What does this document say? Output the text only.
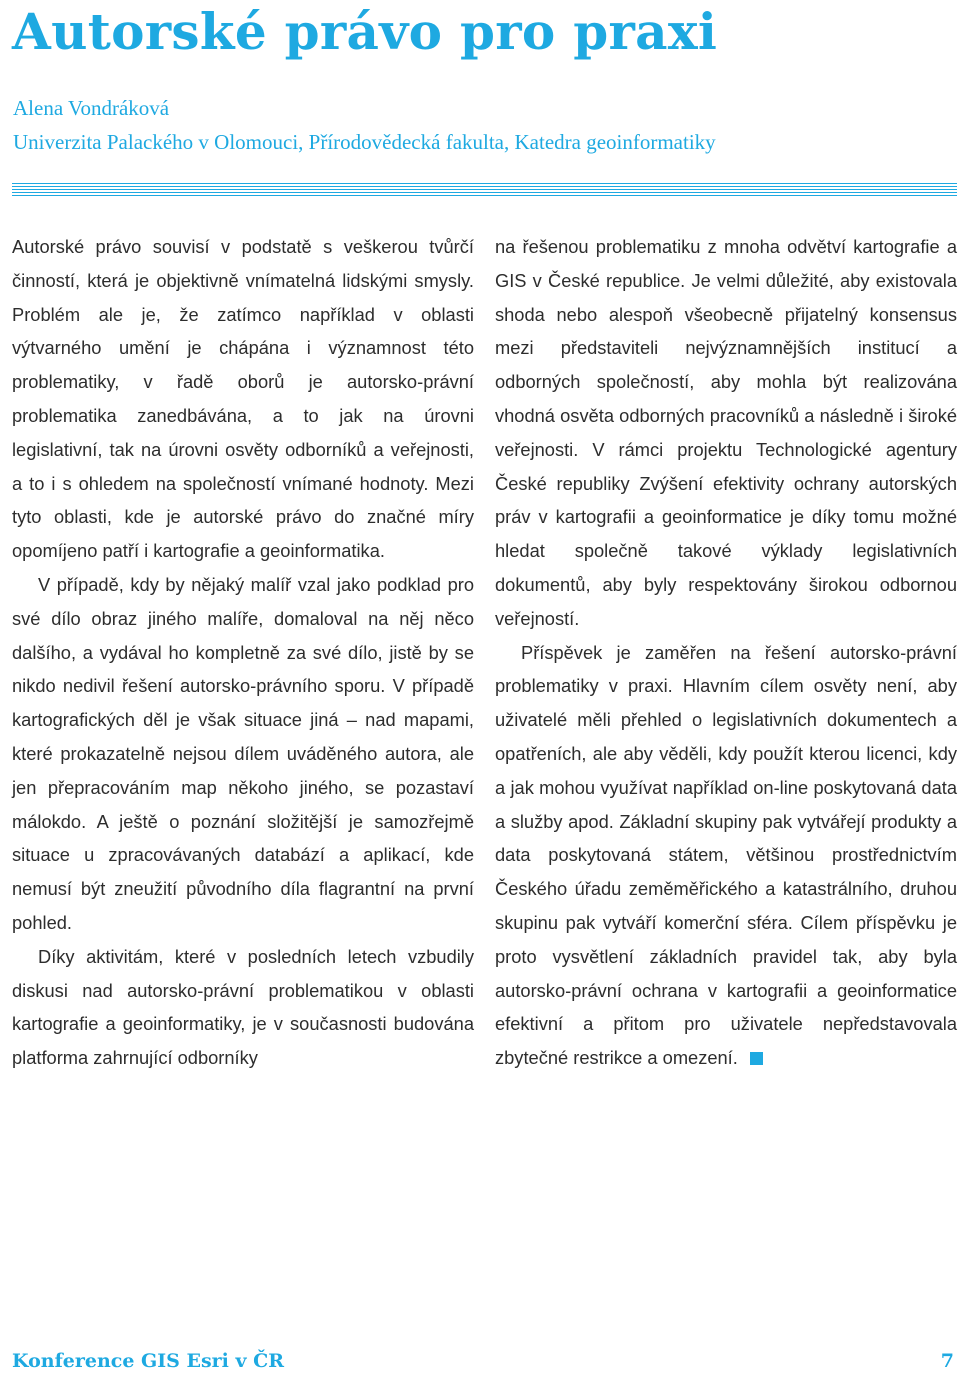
Autorské právo pro praxi
Alena Vondráková
Univerzita Palackého v Olomouci, Přírodovědecká fakulta, Katedra geoinformatiky

Autorské právo souvisí v podstatě s veškerou tvůrčí činností, která je objektivně vnímatelná lidskými smysly. Problém ale je, že zatímco například v oblasti výtvarného umění je chápána i významnost této problematiky, v řadě oborů je autorsko-právní problematika zanedbávána, a to jak na úrovni legislativní, tak na úrovni osvěty odborníků a veřejnosti, a to i s ohledem na společností vnímané hodnoty. Mezi tyto oblasti, kde je autorské právo do značné míry opomíjeno patří i kartografie a geoinformatika.

V případě, kdy by nějaký malíř vzal jako podklad pro své dílo obraz jiného malíře, domaloval na něj něco dalšího, a vydával ho kompletně za své dílo, jistě by se nikdo nedivil řešení autorsko-právního sporu. V případě kartografických děl je však situace jiná – nad mapami, které prokazatelně nejsou dílem uváděného autora, ale jen přepracováním map někoho jiného, se pozastaví málokdo. A ještě o poznání složitější je samozřejmě situace u zpracovávaných databází a aplikací, kde nemusí být zneužití původního díla flagrantní na první pohled.

Díky aktivitám, které v posledních letech vzbudily diskusi nad autorsko-právní problematikou v oblasti kartografie a geoinformatiky, je v současnosti budována platforma zahrnující odborníky

na řešenou problematiku z mnoha odvětví kartografie a GIS v České republice. Je velmi důležité, aby existovala shoda nebo alespoň všeobecně přijatelný konsensus mezi představiteli nejvýznamnějších institucí a odborných společností, aby mohla být realizována vhodná osvěta odborných pracovníků a následně i široké veřejnosti. V rámci projektu Technologické agentury České republiky Zvýšení efektivity ochrany autorských práv v kartografii a geoinformatice je díky tomu možné hledat společně takové výklady legislativních dokumentů, aby byly respektovány širokou odbornou veřejností.

Příspěvek je zaměřen na řešení autorsko-právní problematiky v praxi. Hlavním cílem osvěty není, aby uživatelé měli přehled o legislativních dokumentech a opatřeních, ale aby věděli, kdy použít kterou licenci, kdy a jak mohou využívat například on-line poskytovaná data a služby apod. Základní skupiny pak vytvářejí produkty a data poskytovaná státem, většinou prostřednictvím Českého úřadu zeměměřického a katastrálního, druhou skupinu pak vytváří komerční sféra. Cílem příspěvku je proto vysvětlení základních pravidel tak, aby byla autorsko-právní ochrana v kartografii a geoinformatice efektivní a přitom pro uživatele nepředstavovala zbytečné restrikce a omezení.

Konference GIS Esri v ČR	7
